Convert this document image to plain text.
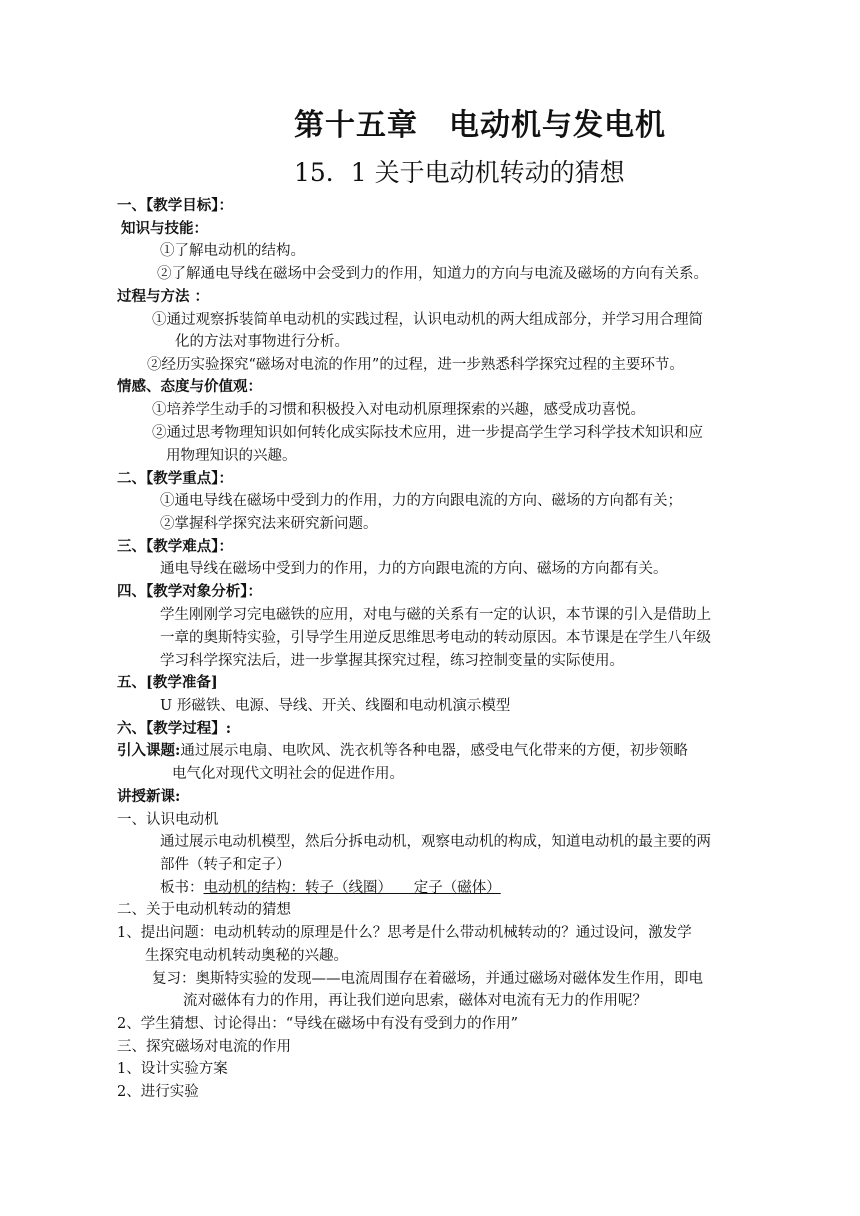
第十五章　电动机与发电机
15．1 关于电动机转动的猜想
一、【教学目标】：
知识与技能：
①了解电动机的结构。
②了解通电导线在磁场中会受到力的作用，知道力的方向与电流及磁场的方向有关系。
过程与方法 ：
①通过观察拆装简单电动机的实践过程，认识电动机的两大组成部分，并学习用合理简
化的方法对事物进行分析。
②经历实验探究“磁场对电流的作用”的过程，进一步熟悉科学探究过程的主要环节。
情感、态度与价值观：
①培养学生动手的习惯和积极投入对电动机原理探索的兴趣，感受成功喜悦。
②通过思考物理知识如何转化成实际技术应用，进一步提高学生学习科学技术知识和应
用物理知识的兴趣。
二、【教学重点】：
①通电导线在磁场中受到力的作用，力的方向跟电流的方向、磁场的方向都有关；
②掌握科学探究法来研究新问题。
三、【教学难点】：
通电导线在磁场中受到力的作用，力的方向跟电流的方向、磁场的方向都有关。
四、【教学对象分析】：
学生刚刚学习完电磁铁的应用，对电与磁的关系有一定的认识，本节课的引入是借助上
一章的奥斯特实验，引导学生用逆反思维思考电动的转动原因。本节课是在学生八年级
学习科学探究法后，进一步掌握其探究过程，练习控制变量的实际使用。
五、[教学准备]
U 形磁铁、电源、导线、开关、线圈和电动机演示模型
六、【教学过程】:
引入课题:通过展示电扇、电吹风、洗衣机等各种电器，感受电气化带来的方便，初步领略
电气化对现代文明社会的促进作用。
讲授新课:
一、认识电动机
通过展示电动机模型，然后分拆电动机，观察电动机的构成，知道电动机的最主要的两
部件（转子和定子）
板书：电动机的结构：转子（线圈）　　定子（磁体）
二、关于电动机转动的猜想
1、提出问题：电动机转动的原理是什么？思考是什么带动机械转动的？通过设问，激发学
生探究电动机转动奥秘的兴趣。
复习：奥斯特实验的发现——电流周围存在着磁场，并通过磁场对磁体发生作用，即电
流对磁体有力的作用，再让我们逆向思索，磁体对电流有无力的作用呢？
2、学生猜想、讨论得出：“导线在磁场中有没有受到力的作用”
三、探究磁场对电流的作用
1、设计实验方案
2、进行实验
